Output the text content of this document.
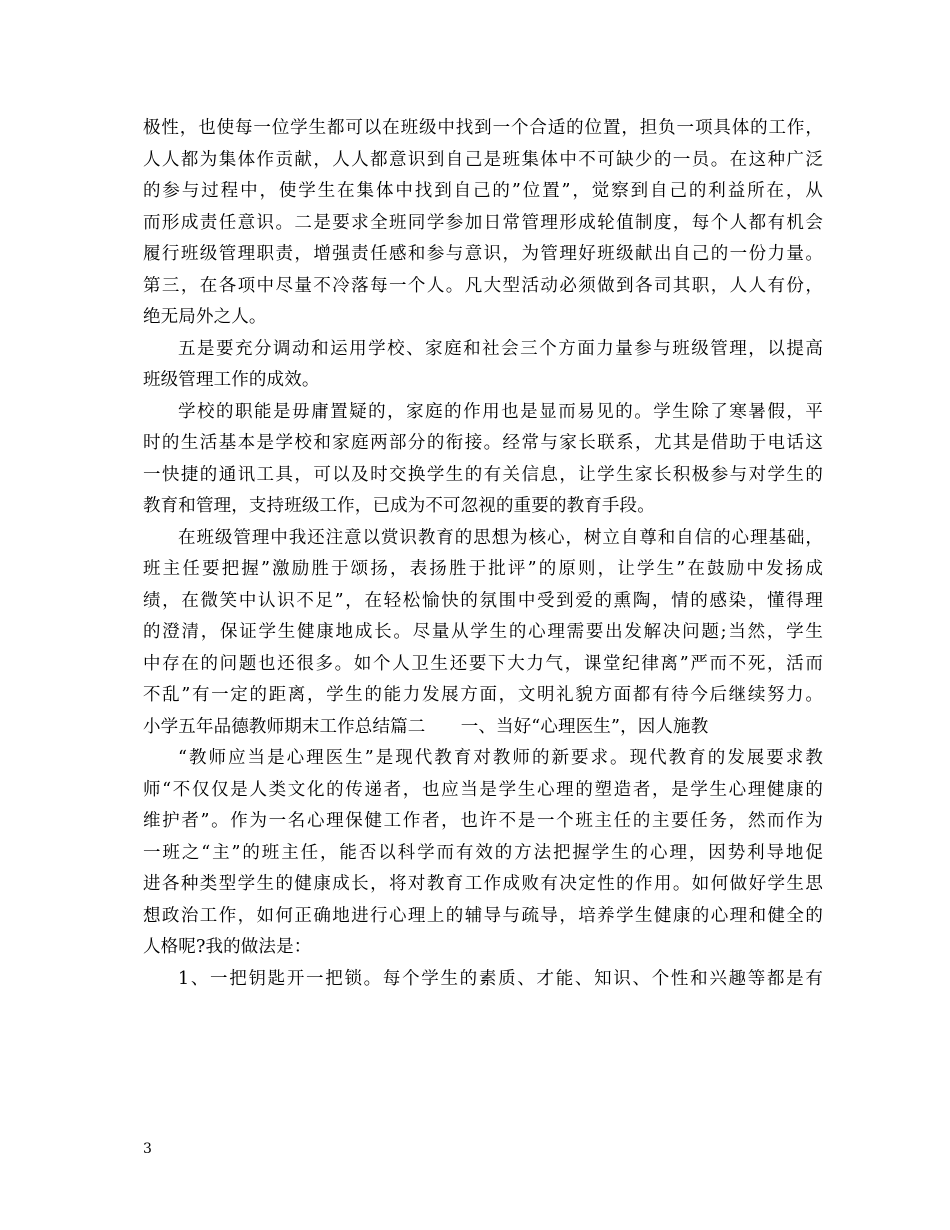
极性，也使每一位学生都可以在班级中找到一个合适的位置，担负一项具体的工作，
人人都为集体作贡献，人人都意识到自己是班集体中不可缺少的一员。在这种广泛
的参与过程中，使学生在集体中找到自己的”位置”，觉察到自己的利益所在，从
而形成责任意识。二是要求全班同学参加日常管理形成轮值制度，每个人都有机会
履行班级管理职责，增强责任感和参与意识，为管理好班级献出自己的一份力量。
第三，在各项中尽量不冷落每一个人。凡大型活动必须做到各司其职，人人有份，
绝无局外之人。
五是要充分调动和运用学校、家庭和社会三个方面力量参与班级管理，以提高
班级管理工作的成效。
学校的职能是毋庸置疑的，家庭的作用也是显而易见的。学生除了寒暑假，平
时的生活基本是学校和家庭两部分的衔接。经常与家长联系，尤其是借助于电话这
一快捷的通讯工具，可以及时交换学生的有关信息，让学生家长积极参与对学生的
教育和管理，支持班级工作，已成为不可忽视的重要的教育手段。
在班级管理中我还注意以赏识教育的思想为核心，树立自尊和自信的心理基础，
班主任要把握”激励胜于颂扬，表扬胜于批评”的原则，让学生”在鼓励中发扬成
绩，在微笑中认识不足”，在轻松愉快的氛围中受到爱的熏陶，情的感染，懂得理
的澄清，保证学生健康地成长。尽量从学生的心理需要出发解决问题;当然，学生
中存在的问题也还很多。如个人卫生还要下大力气，课堂纪律离”严而不死，活而
不乱”有一定的距离，学生的能力发展方面，文明礼貌方面都有待今后继续努力。
小学五年品德教师期末工作总结篇二　　一、当好“心理医生”，因人施教
“教师应当是心理医生”是现代教育对教师的新要求。现代教育的发展要求教
师“不仅仅是人类文化的传递者，也应当是学生心理的塑造者，是学生心理健康的
维护者”。作为一名心理保健工作者，也许不是一个班主任的主要任务，然而作为
一班之“主”的班主任，能否以科学而有效的方法把握学生的心理，因势利导地促
进各种类型学生的健康成长，将对教育工作成败有决定性的作用。如何做好学生思
想政治工作，如何正确地进行心理上的辅导与疏导，培养学生健康的心理和健全的
人格呢?我的做法是：
1、一把钥匙开一把锁。每个学生的素质、才能、知识、个性和兴趣等都是有
3
